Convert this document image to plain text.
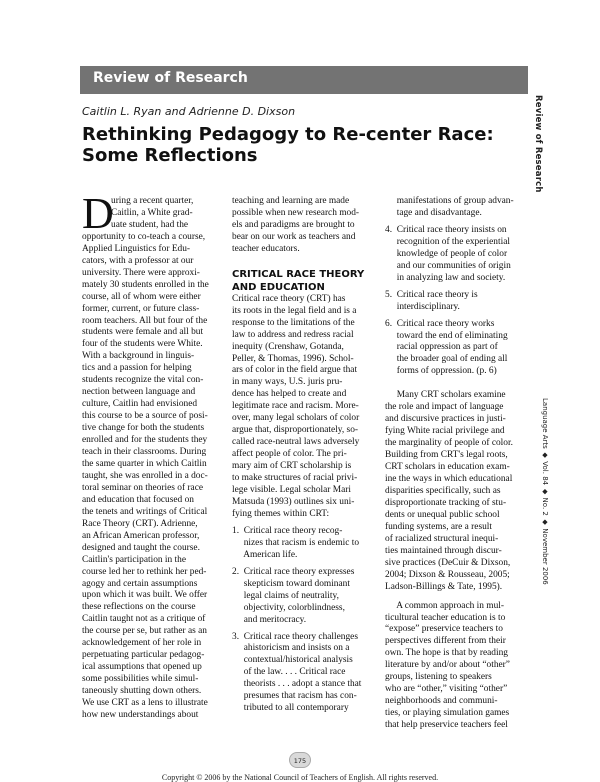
Review of Research
Review of Research
Caitlin L. Ryan and Adrienne D. Dixson
Rethinking Pedagogy to Re-center Race:
Some Reflections
D
uring a recent quarter,
Caitlin, a White grad-
uate student, had the
opportunity to co-teach a course,
Applied Linguistics for Edu-
cators, with a professor at our
university. There were approxi-
mately 30 students enrolled in the
course, all of whom were either
former, current, or future class-
room teachers. All but four of the
students were female and all but
four of the students were White.
With a background in linguis-
tics and a passion for helping
students recognize the vital con-
nection between language and
culture, Caitlin had envisioned
this course to be a source of posi-
tive change for both the students
enrolled and for the students they
teach in their classrooms. During
the same quarter in which Caitlin
taught, she was enrolled in a doc-
toral seminar on theories of race
and education that focused on
the tenets and writings of Critical
Race Theory (CRT). Adrienne,
an African American professor,
designed and taught the course.
Caitlin's participation in the
course led her to rethink her ped-
agogy and certain assumptions
upon which it was built. We offer
these reflections on the course
Caitlin taught not as a critique of
the course per se, but rather as an
acknowledgement of her role in
perpetuating particular pedagog-
ical assumptions that opened up
some possibilities while simul-
taneously shutting down others.
We use CRT as a lens to illustrate
how new understandings about
teaching and learning are made
possible when new research mod-
els and paradigms are brought to
bear on our work as teachers and
teacher educators.
CRITICAL RACE THEORY
AND EDUCATION
Critical race theory (CRT) has
its roots in the legal field and is a
response to the limitations of the
law to address and redress racial
inequity (Crenshaw, Gotanda,
Peller, & Thomas, 1996). Schol-
ars of color in the field argue that
in many ways, U.S. juris pru-
dence has helped to create and
legitimate race and racism. More-
over, many legal scholars of color
argue that, disproportionately, so-
called race-neutral laws adversely
affect people of color. The pri-
mary aim of CRT scholarship is
to make structures of racial privi-
lege visible. Legal scholar Mari
Matsuda (1993) outlines six uni-
fying themes within CRT:
1.  Critical race theory recog-
nizes that racism is endemic to
American life.
2.  Critical race theory expresses
skepticism toward dominant
legal claims of neutrality,
objectivity, colorblindness,
and meritocracy.
3.  Critical race theory challenges
ahistoricism and insists on a
contextual/historical analysis
of the law. . . . Critical race
theorists . . . adopt a stance that
presumes that racism has con-
tributed to all contemporary
manifestations of group advan-
tage and disadvantage.
4.  Critical race theory insists on
recognition of the experiential
knowledge of people of color
and our communities of origin
in analyzing law and society.
5.  Critical race theory is
interdisciplinary.
6.  Critical race theory works
toward the end of eliminating
racial oppression as part of
the broader goal of ending all
forms of oppression. (p. 6)
Many CRT scholars examine
the role and impact of language
and discursive practices in justi-
fying White racial privilege and
the marginality of people of color.
Building from CRT's legal roots,
CRT scholars in education exam-
ine the ways in which educational
disparities specifically, such as
disproportionate tracking of stu-
dents or unequal public school
funding systems, are a result
of racialized structural inequi-
ties maintained through discur-
sive practices (DeCuir & Dixson,
2004; Dixson & Rousseau, 2005;
Ladson-Billings & Tate, 1995).
A common approach in mul-
ticultural teacher education is to
“expose” preservice teachers to
perspectives different from their
own. The hope is that by reading
literature by and/or about “other”
groups, listening to speakers
who are “other,” visiting “other”
neighborhoods and communi-
ties, or playing simulation games
that help preservice teachers feel
Language Arts ◆ Vol. 84 ◆ No. 2 ◆ November 2006
175
Copyright © 2006 by the National Council of Teachers of English. All rights reserved.
